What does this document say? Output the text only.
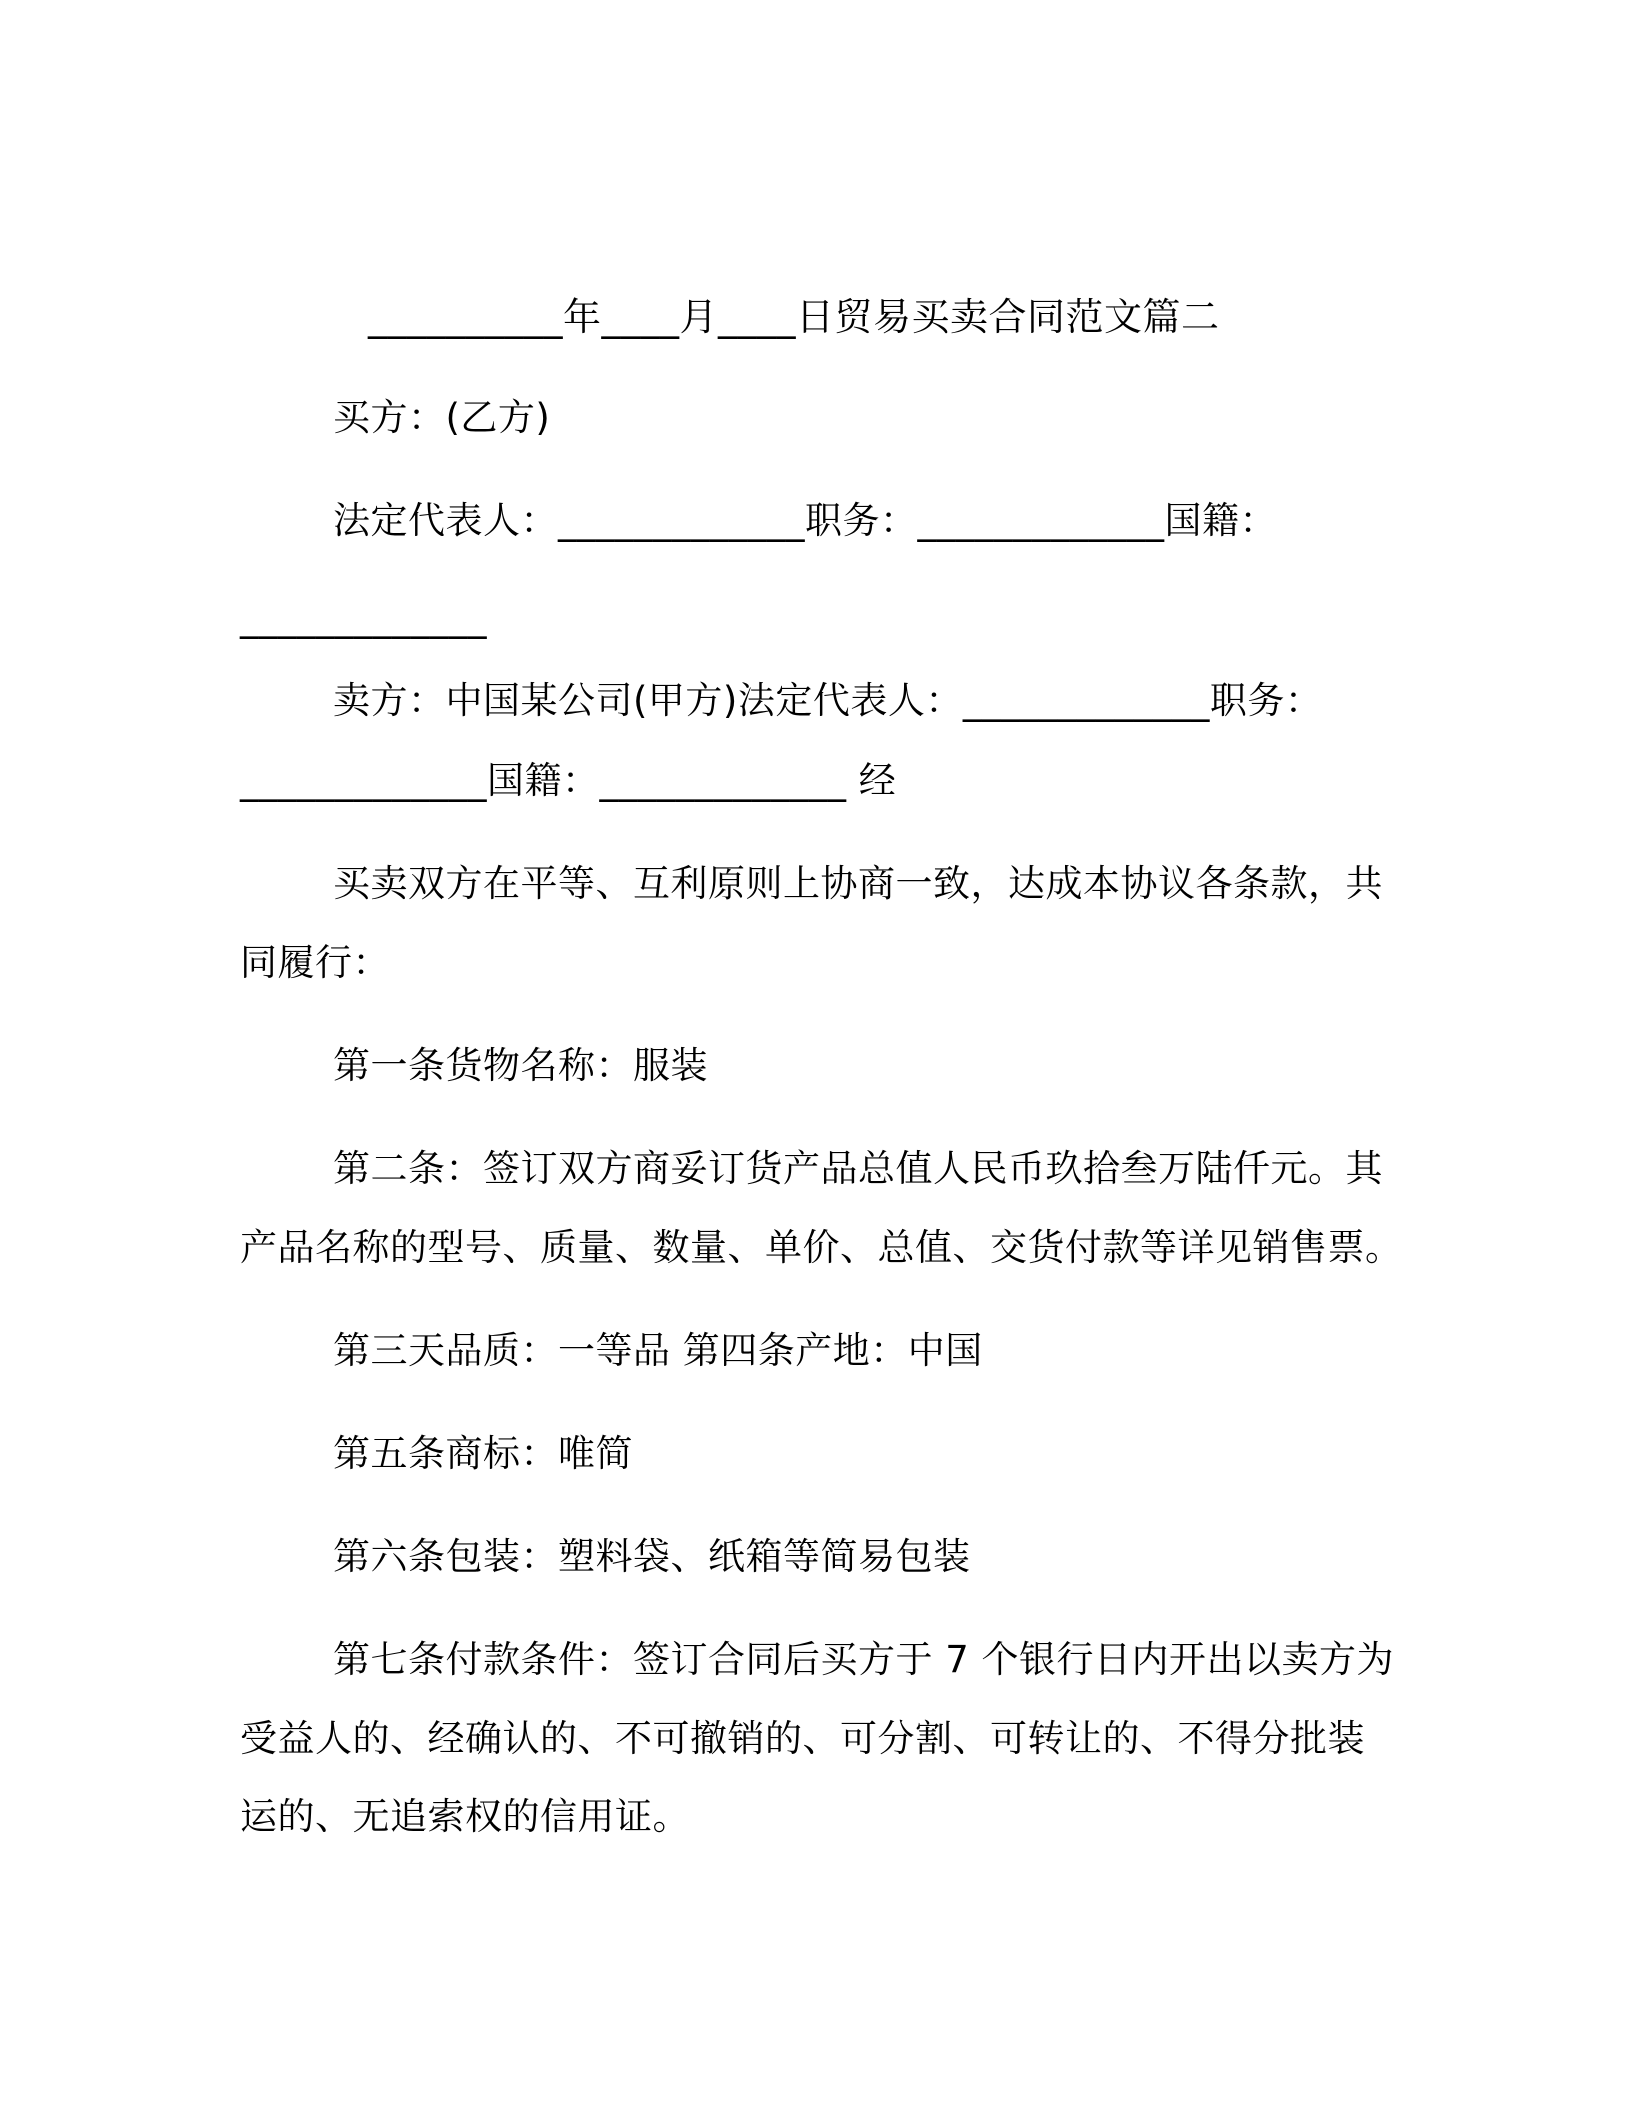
__________年____月____日贸易买卖合同范文篇二
买方：(乙方)
法定代表人：_____________职务：_____________国籍：
_____________
卖方：中国某公司(甲方)法定代表人：_____________职务：
_____________国籍：_____________ 经
买卖双方在平等、互利原则上协商一致，达成本协议各条款，共
同履行：
第一条货物名称：服装
第二条：签订双方商妥订货产品总值人民币玖拾叁万陆仟元。其
产品名称的型号、质量、数量、单价、总值、交货付款等详见销售票。
第三天品质：一等品 第四条产地：中国
第五条商标：唯简
第六条包装：塑料袋、纸箱等简易包装
第七条付款条件：签订合同后买方于 7 个银行日内开出以卖方为
受益人的、经确认的、不可撤销的、可分割、可转让的、不得分批装
运的、无追索权的信用证。
